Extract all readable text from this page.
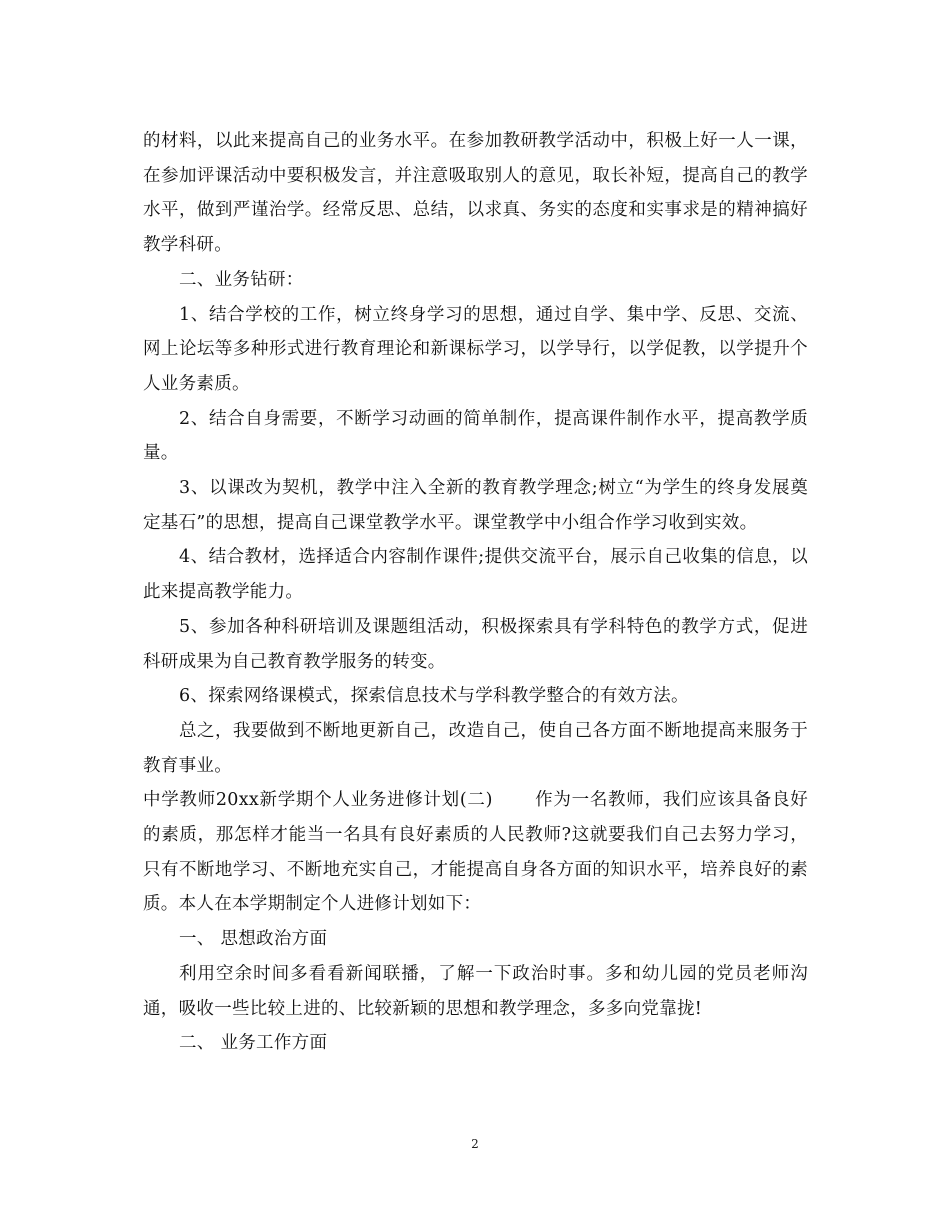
的材料，以此来提高自己的业务水平。在参加教研教学活动中，积极上好一人一课，在参加评课活动中要积极发言，并注意吸取别人的意见，取长补短，提高自己的教学水平，做到严谨治学。经常反思、总结，以求真、务实的态度和实事求是的精神搞好教学科研。

二、业务钻研：

1、结合学校的工作，树立终身学习的思想，通过自学、集中学、反思、交流、网上论坛等多种形式进行教育理论和新课标学习，以学导行，以学促教，以学提升个人业务素质。

2、结合自身需要，不断学习动画的简单制作，提高课件制作水平，提高教学质量。

3、以课改为契机，教学中注入全新的教育教学理念;树立“为学生的终身发展奠定基石”的思想，提高自己课堂教学水平。课堂教学中小组合作学习收到实效。

4、结合教材，选择适合内容制作课件;提供交流平台，展示自己收集的信息，以此来提高教学能力。

5、参加各种科研培训及课题组活动，积极探索具有学科特色的教学方式，促进科研成果为自己教育教学服务的转变。

6、探索网络课模式，探索信息技术与学科教学整合的有效方法。

总之，我要做到不断地更新自己，改造自己，使自己各方面不断地提高来服务于教育事业。

中学教师20xx新学期个人业务进修计划(二) 作为一名教师，我们应该具备良好的素质，那怎样才能当一名具有良好素质的人民教师?这就要我们自己去努力学习，只有不断地学习、不断地充实自己，才能提高自身各方面的知识水平，培养良好的素质。本人在本学期制定个人进修计划如下：

一、 思想政治方面

利用空余时间多看看新闻联播，了解一下政治时事。多和幼儿园的党员老师沟通，吸收一些比较上进的、比较新颖的思想和教学理念，多多向党靠拢!

二、 业务工作方面

2
